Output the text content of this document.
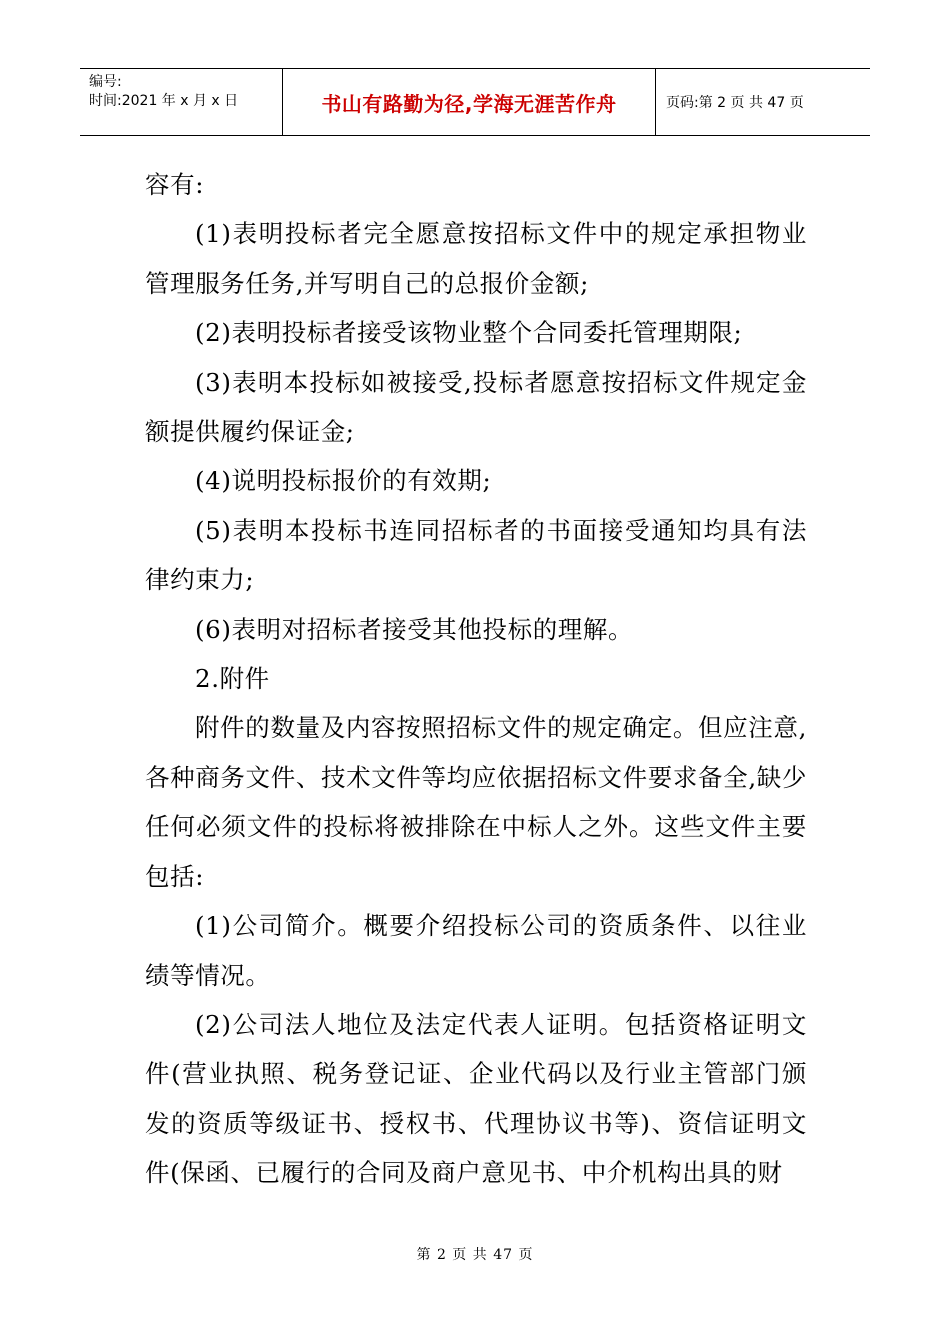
编号:
时间:2021 年 x 月 x 日	书山有路勤为径,学海无涯苦作舟	页码:第 2 页 共 47 页

容有:

(1)表明投标者完全愿意按招标文件中的规定承担物业管理服务任务,并写明自己的总报价金额;

(2)表明投标者接受该物业整个合同委托管理期限;

(3)表明本投标如被接受,投标者愿意按招标文件规定金额提供履约保证金;

(4)说明投标报价的有效期;

(5)表明本投标书连同招标者的书面接受通知均具有法律约束力;

(6)表明对招标者接受其他投标的理解。

2.附件

附件的数量及内容按照招标文件的规定确定。但应注意,各种商务文件、技术文件等均应依据招标文件要求备全,缺少任何必须文件的投标将被排除在中标人之外。这些文件主要包括:

(1)公司简介。概要介绍投标公司的资质条件、以往业绩等情况。

(2)公司法人地位及法定代表人证明。包括资格证明文件(营业执照、税务登记证、企业代码以及行业主管部门颁发的资质等级证书、授权书、代理协议书等)、资信证明文件(保函、已履行的合同及商户意见书、中介机构出具的财

第 2 页 共 47 页
